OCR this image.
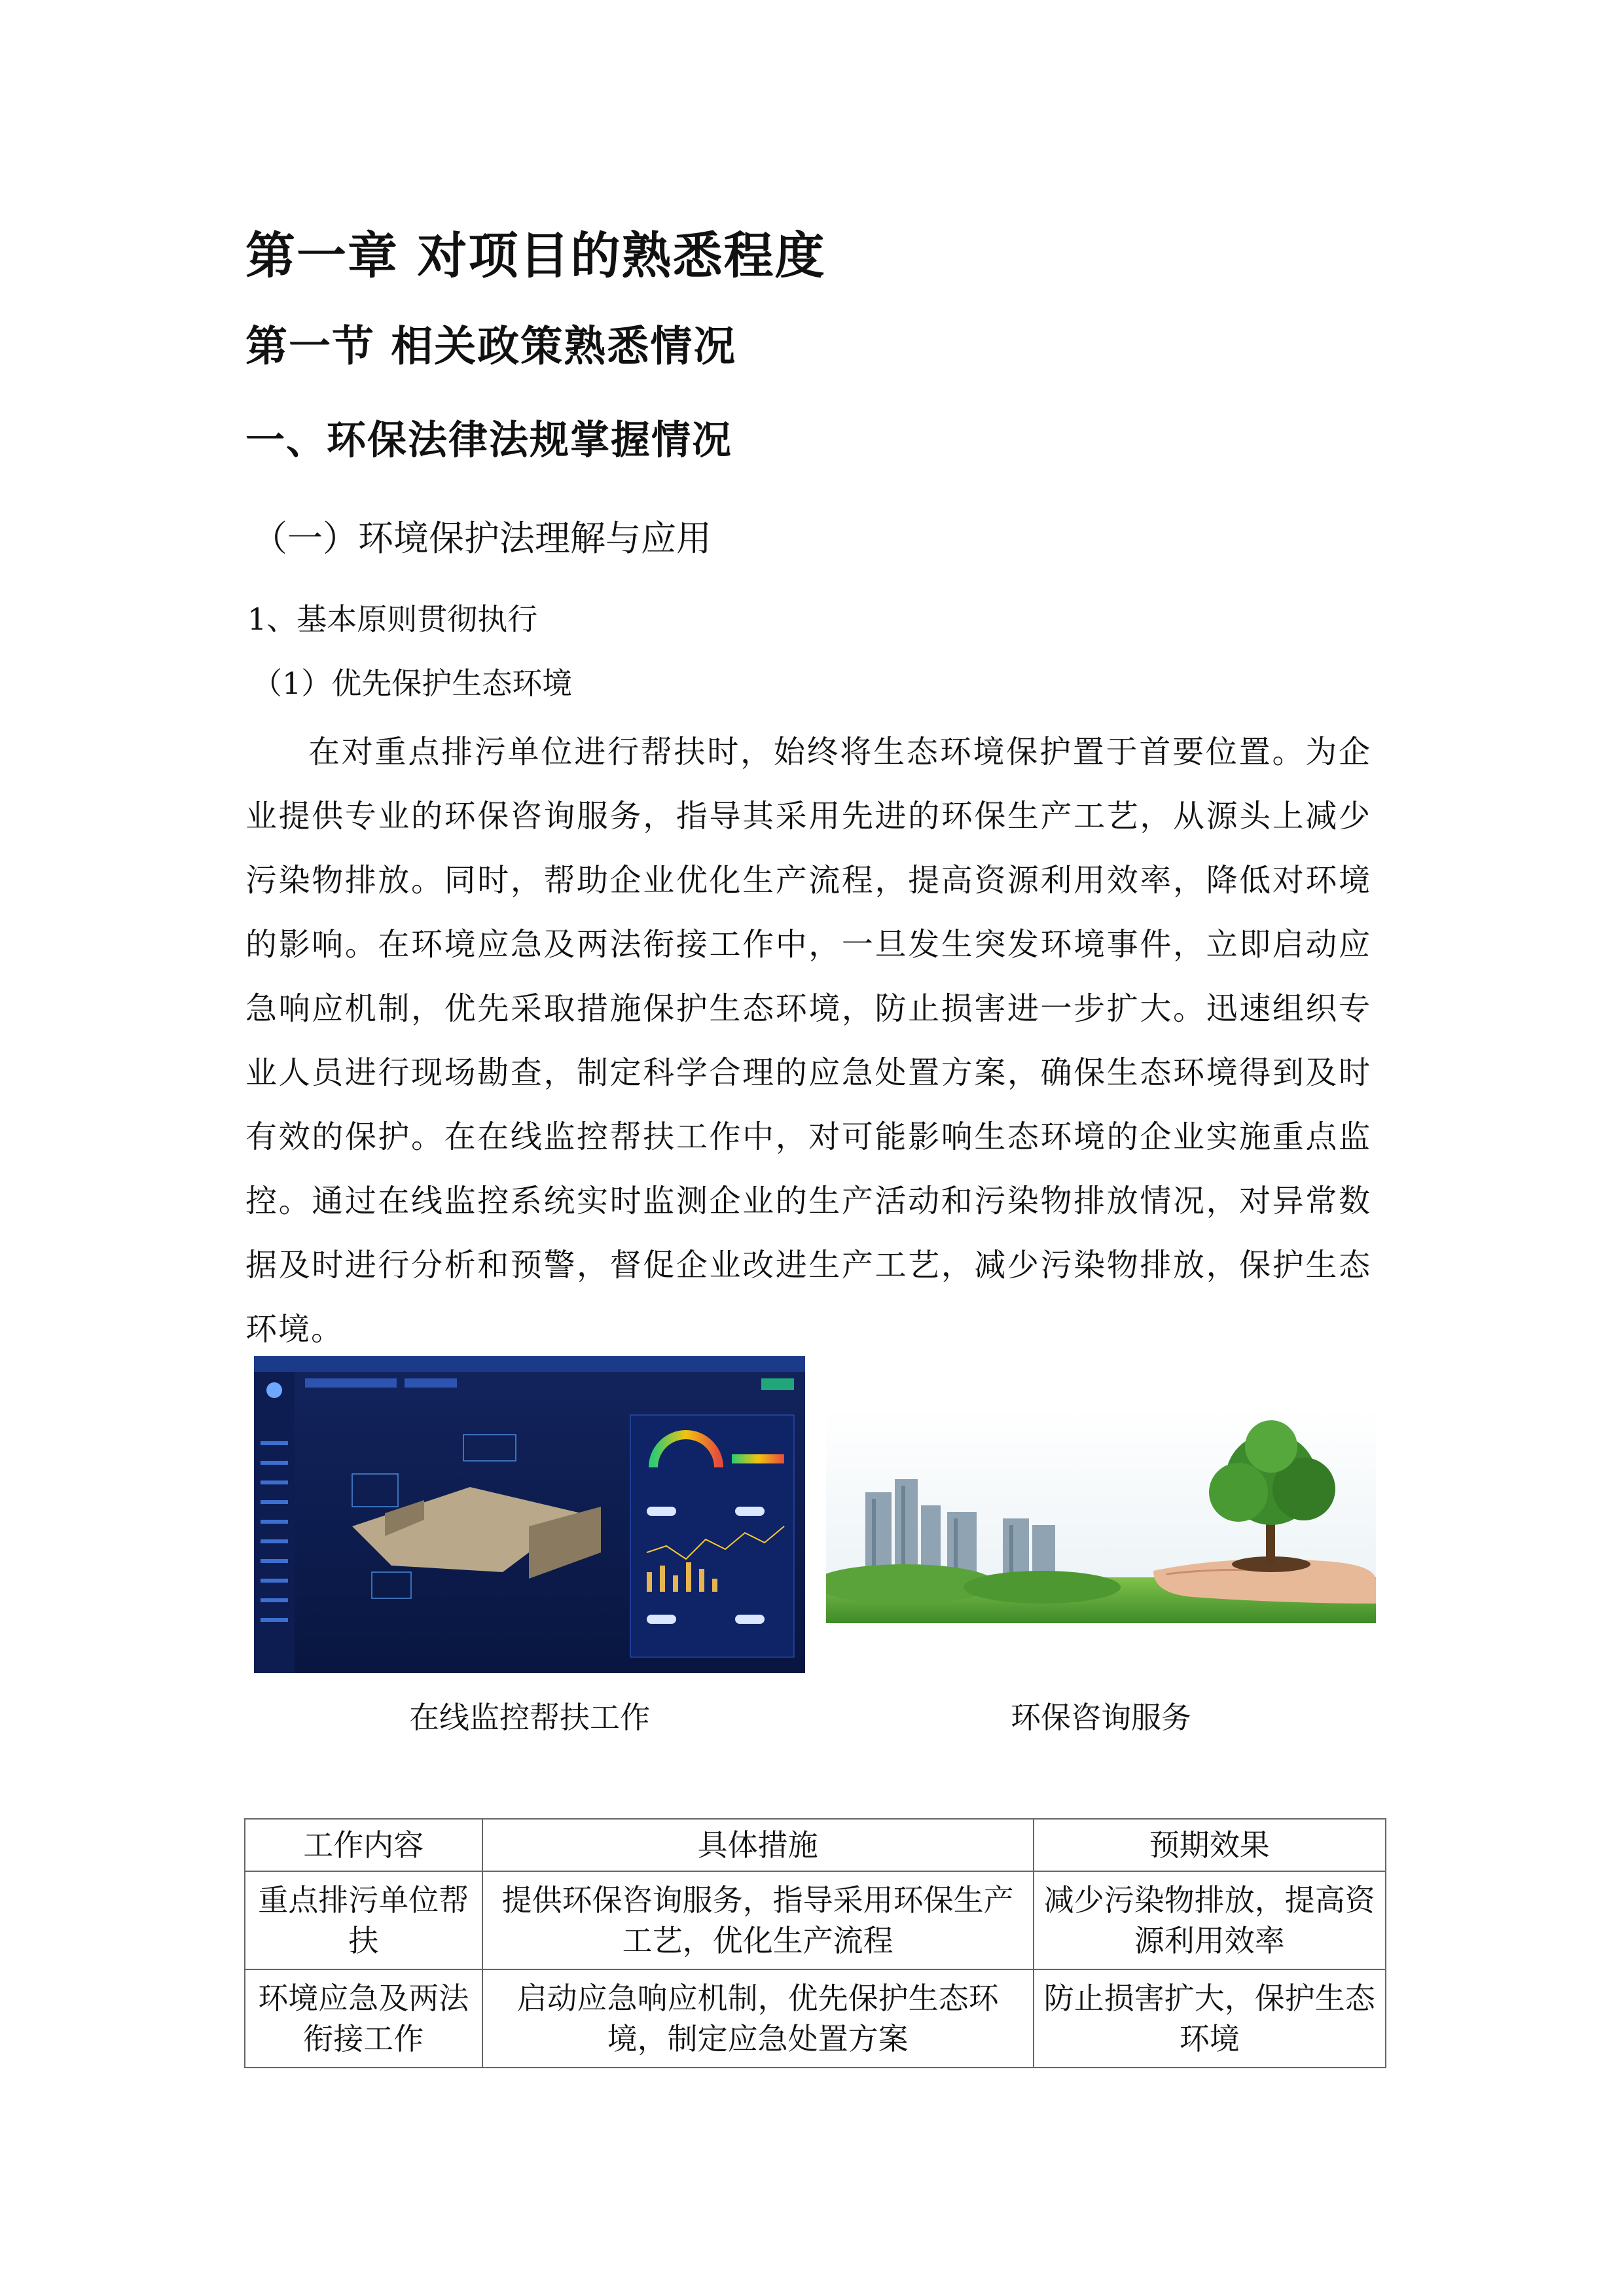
第一章 对项目的熟悉程度
第一节 相关政策熟悉情况
一、环保法律法规掌握情况
（一）环境保护法理解与应用
1、基本原则贯彻执行
（1）优先保护生态环境

在对重点排污单位进行帮扶时，始终将生态环境保护置于首要位置。为企业提供专业的环保咨询服务，指导其采用先进的环保生产工艺，从源头上减少污染物排放。同时，帮助企业优化生产流程，提高资源利用效率，降低对环境的影响。在环境应急及两法衔接工作中，一旦发生突发环境事件，立即启动应急响应机制，优先采取措施保护生态环境，防止损害进一步扩大。迅速组织专业人员进行现场勘查，制定科学合理的应急处置方案，确保生态环境得到及时有效的保护。在在线监控帮扶工作中，对可能影响生态环境的企业实施重点监控。通过在线监控系统实时监测企业的生产活动和污染物排放情况，对异常数据及时进行分析和预警，督促企业改进生产工艺，减少污染物排放，保护生态环境。

在线监控帮扶工作	环保咨询服务
工作内容	具体措施	预期效果
重点排污单位帮扶	提供环保咨询服务，指导采用环保生产工艺，优化生产流程	减少污染物排放，提高资源利用效率
环境应急及两法衔接工作	启动应急响应机制，优先保护生态环境，制定应急处置方案	防止损害扩大，保护生态环境
